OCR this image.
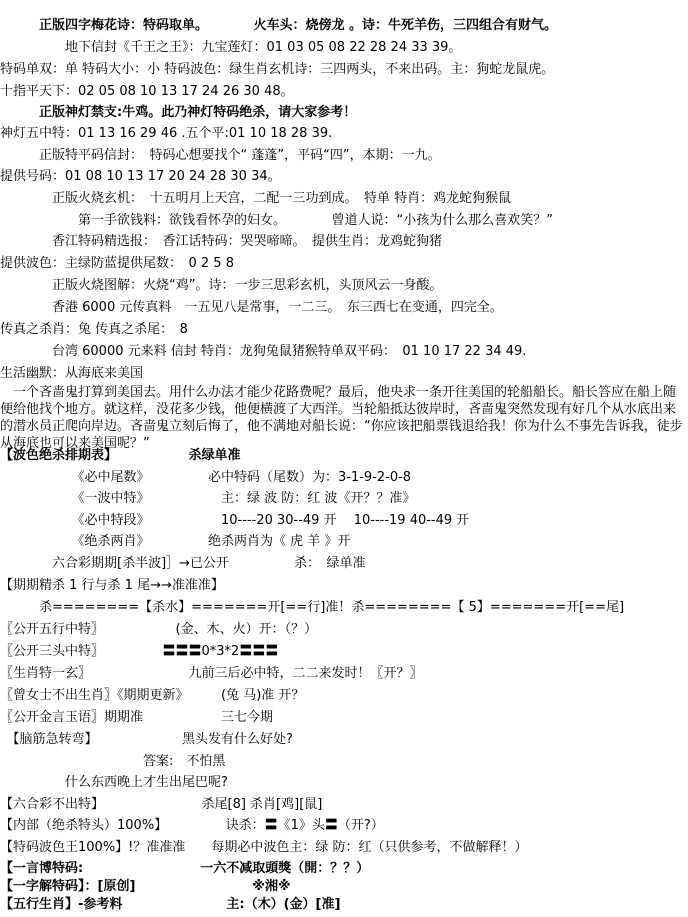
　　　正版四字梅花诗：特码取单。　　　　火车头：烧傍龙 。诗：牛死羊伤，三四组合有财气。
　　　　　地下信封《千王之王》：九宝莲灯：01 03 05 08 22 28 24 33 39。
特码单双：单 特码大小：小 特码波色：绿生肖玄机诗：三四两头，不来出码。主：狗蛇龙鼠虎。
十指平天下：02 05 08 10 13 17 24 26 30 48。
　　　正版神灯禁支:牛鸡。此乃神灯特码绝杀，请大家参考！
神灯五中特：01 13 16 29 46 .五个平:01 10 18 28 39.
　　　正版特平码信封：　特码心想要找个“ 蓬蓬”，平码“四”，本期：一九。
提供号码：01 08 10 13 17 20 24 28 30 34。
　　　　正版火烧玄机：　十五明月上天宫，二配一三功到成。　特单 特肖：鸡龙蛇狗猴鼠
　　　　　　第一手欲钱料：欲钱看怀孕的妇女。　　　　曾道人说：“小孩为什么那么喜欢笑？”
　　　　香江特码精选报：　香江话特码：哭哭啼啼。　提供生肖：龙鸡蛇狗猪
提供波色：主绿防蓝提供尾数：　0 2 5 8
　　　　正版火烧图解：火烧“鸡”。诗：一步三思彩玄机，头顶风云一身酸。
　　　　香港 6000 元传真料　一五见八是常事，一二三。　东三西七在变通，四完全。
传真之杀肖：兔 传真之杀尾：　8
　　　　台湾 60000 元来料 信封 特肖：龙狗兔鼠猪猴特单双平码：　01 10 17 22 34 49.
生活幽默：从海底来美国
　一个吝啬鬼打算到美国去。用什么办法才能少花路费呢？最后，他央求一条开往美国的轮船船长。船长答应在船上随便给他找个地方。就这样，没花多少钱，他便横渡了大西洋。当轮船抵达彼岸时，吝啬鬼突然发现有好几个从水底出来的潜水员正爬向岸边。吝啬鬼立刻后悔了，他不满地对船长说：“你应该把船票钱退给我！你为什么不事先告诉我，徒步从海底也可以来美国呢？”
【波色绝杀排期表】　　　　　　杀绿单准
　　　　　　《必中尾数》　　　　　必中特码（尾数）为：3-1-9-2-0-8
　　　　　　《一波中特》　　　　　　主：绿 波 防：红 波《开？？准》
　　　　　　《必中特段》　　　　　　10----20 30--49 开　 10----19 40--49 开
　　　　　　《绝杀两肖》　　　　　绝杀两肖为《 虎 羊 》开
　　　　六合彩期期[杀半波]］→已公开　　　　　杀：　绿单准
【期期精杀 1 行与杀 1 尾→→准准准】
　　　杀========【杀水】=======开[==行]准！杀========【 5】=======开[==尾]
〖公开五行中特〗　　　　　　(金、木、火）开：（？）
〖公开三头中特〗　　　　　〓〓〓0*3*2〓〓〓
〖生肖特一玄〗　　　　　　　　九前三后必中特，二二来发时！〖开？〗
〖曾女士不出生肖〗《期期更新》　　　(兔 马)准 开？
〖公开金言玉语〗期期准　　　　　　三七今期
　【脑筋急转弯】　　　　　　　黑头发有什么好处?
　　　　　　　　　　　答案:　不怕黑
　　　　　什么东西晚上才生出尾巴呢?
【六合彩不出特】　　　　　　　　杀尾[8] 杀肖[鸡][鼠]
【内部（绝杀特头）100%】　　　　　诀杀：〓《1》头〓（开?）
【特码波色王100%】!？准准准　　每期必中波色主：绿 防：红（只供参考，不做解释！）
【一言博特码:　　　　　　　　　一六不减取頭獎（開：？？）
【一字解特码】：[原创]　　　　　　　　　※湘※
【五行生肖】-参考料　　　　　　　　主:（木）(金）[准]
